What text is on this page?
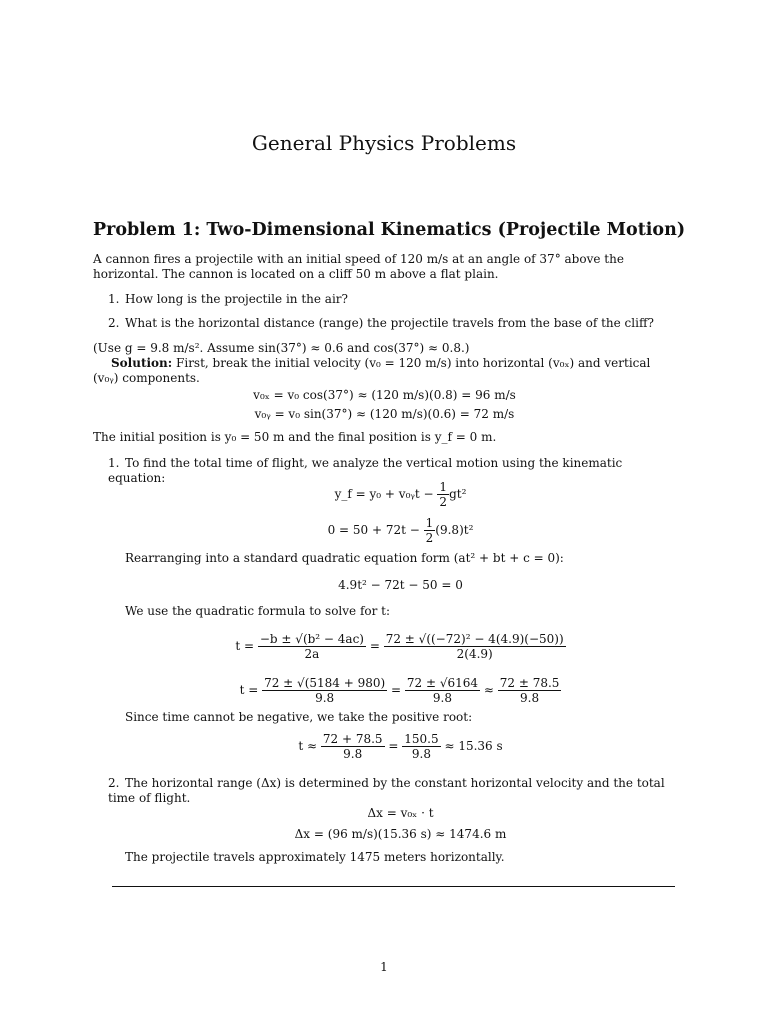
General Physics Problems
Problem 1: Two-Dimensional Kinematics (Projectile Motion)
A cannon fires a projectile with an initial speed of 120 m/s at an angle of 37° above the horizontal. The cannon is located on a cliff 50 m above a flat plain.
1. How long is the projectile in the air?
2. What is the horizontal distance (range) the projectile travels from the base of the cliff?
(Use g = 9.8 m/s². Assume sin(37°) ≈ 0.6 and cos(37°) ≈ 0.8.)
Solution: First, break the initial velocity (v₀ = 120 m/s) into horizontal (v₀ₓ) and vertical (v₀ᵧ) components.
v₀ₓ = v₀ cos(37°) ≈ (120 m/s)(0.8) = 96 m/s
v₀ᵧ = v₀ sin(37°) ≈ (120 m/s)(0.6) = 72 m/s
The initial position is y₀ = 50 m and the final position is y_f = 0 m.
1. To find the total time of flight, we analyze the vertical motion using the kinematic equation:
y_f = y₀ + v₀ᵧt − $\frac{1}{2} gt^2$
$0 = 50 + 72t - \frac{1}{2} (9.8)t^2$
Rearranging into a standard quadratic equation form (at² + bt + c = 0):
4.9t² − 72t − 50 = 0
We use the quadratic formula to solve for t:
$t = \frac{\text{−b ± √(b² − 4ac)}}{2a} = \frac{\text{72 ± √((−72)² − 4(4.9)(−50))}}{2(4.9)}$
$t = \frac{72 \pm √(5184 + 980)}{9.8} = \frac{72 \pm √6164}{9.8} \approx \frac{72 \pm 78.5}{9.8}$
Since time cannot be negative, we take the positive root:
$t \approx \frac{72 + 78.5}{9.8} = \frac{150.5}{9.8} \approx 15.36$ s
2. The horizontal range (Δx) is determined by the constant horizontal velocity and the total time of flight.
Δx = v₀ₓ · t
Δx = (96 m/s)(15.36 s) ≈ 1474.6 m
The projectile travels approximately 1475 meters horizontally.
1
